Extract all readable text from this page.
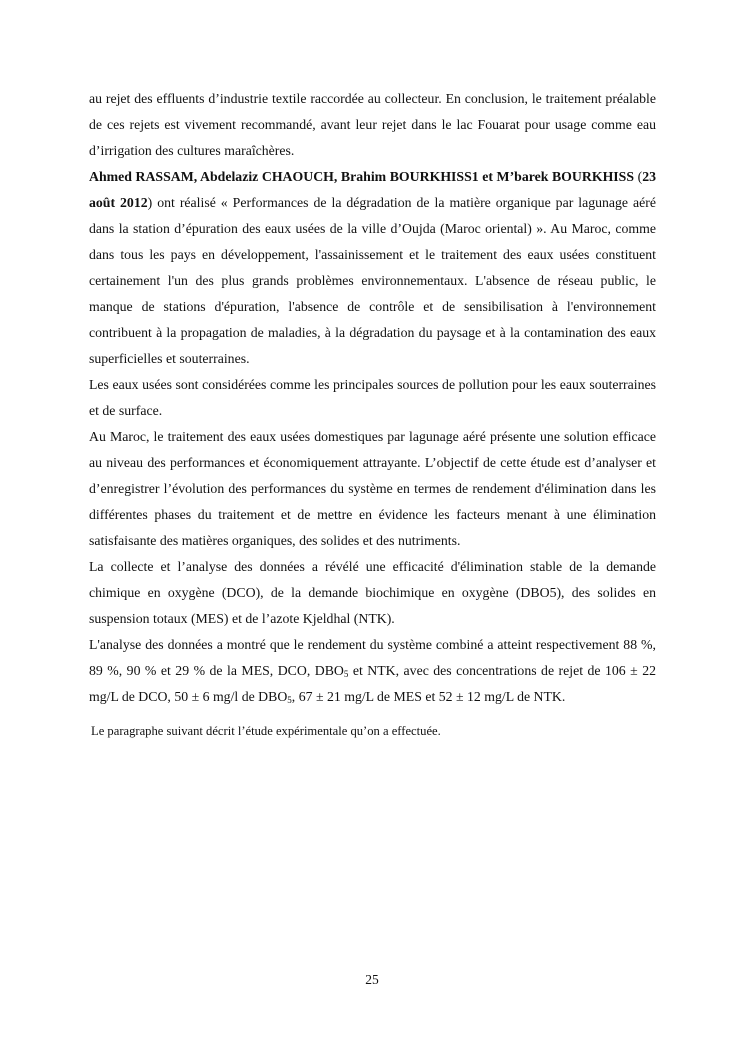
au rejet des effluents d’industrie textile raccordée au collecteur. En conclusion, le traitement préalable de ces rejets est vivement recommandé, avant leur rejet dans le lac Fouarat pour usage comme eau d’irrigation des cultures maraîchères.

Ahmed RASSAM, Abdelaziz CHAOUCH, Brahim BOURKHISS1 et M’barek BOURKHISS (23 août 2012) ont réalisé « Performances de la dégradation de la matière organique par lagunage aéré dans la station d’épuration des eaux usées de la ville d’Oujda (Maroc oriental) ». Au Maroc, comme dans tous les pays en développement, l'assainissement et le traitement des eaux usées constituent certainement l'un des plus grands problèmes environnementaux. L'absence de réseau public, le manque de stations d'épuration, l'absence de contrôle et de sensibilisation à l'environnement contribuent à la propagation de maladies, à la dégradation du paysage et à la contamination des eaux superficielles et souterraines.

Les eaux usées sont considérées comme les principales sources de pollution pour les eaux souterraines et de surface.

Au Maroc, le traitement des eaux usées domestiques par lagunage aéré présente une solution efficace au niveau des performances et économiquement attrayante. L’objectif de cette étude est d’analyser et d’enregistrer l’évolution des performances du système en termes de rendement d'élimination dans les différentes phases du traitement et de mettre en évidence les facteurs menant à une élimination satisfaisante des matières organiques, des solides et des nutriments.

La collecte et l’analyse des données a révélé une efficacité d'élimination stable de la demande chimique en oxygène (DCO), de la demande biochimique en oxygène (DBO5), des solides en suspension totaux (MES) et de l’azote Kjeldhal (NTK).

L'analyse des données a montré que le rendement du système combiné a atteint respectivement 88 %, 89 %, 90 % et 29 % de la MES, DCO, $DBO_5$ et NTK, avec des concentrations de rejet de 106 ± 22 mg/L de DCO, 50 ± 6 mg/l de $DBO_5$, 67 ± 21 mg/L de MES et 52 ± 12 mg/L de NTK.

Le paragraphe suivant décrit l’étude expérimentale qu’on a effectuée.

25
